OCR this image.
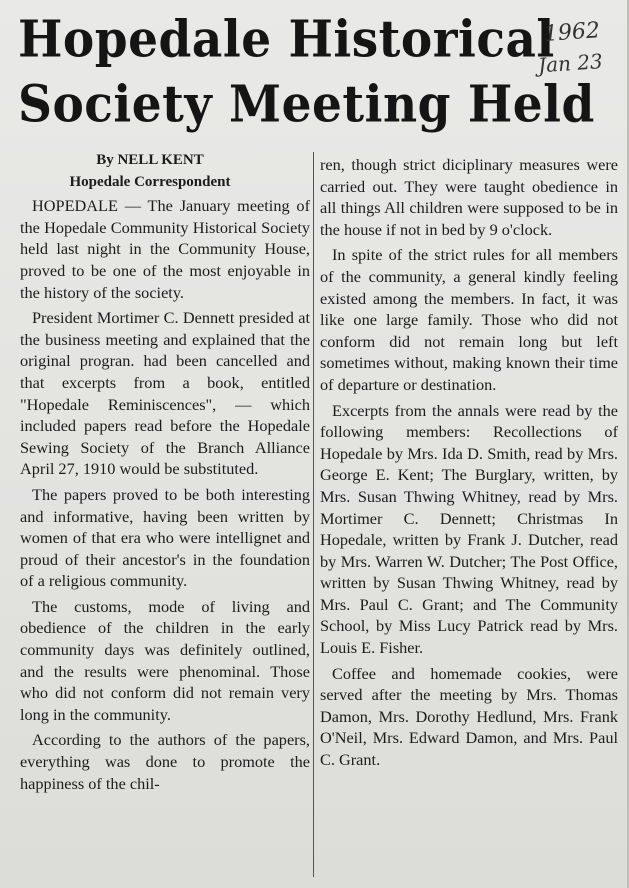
Hopedale Historical
Society Meeting Held
1962
Jan 23
By NELL KENT
Hopedale Correspondent

HOPEDALE — The January meeting of the Hopedale Community Historical Society held last night in the Community House, proved to be one of the most enjoyable in the history of the society.

President Mortimer C. Dennett presided at the business meeting and explained that the original progran. had been cancelled and that excerpts from a book, entitled "Hopedale Reminiscences", — which included papers read before the Hopedale Sewing Society of the Branch Alliance April 27, 1910 would be substituted.

The papers proved to be both interesting and informative, having been written by women of that era who were intellignet and proud of their ancestor's in the foundation of a religious community.

The customs, mode of living and obedience of the children in the early community days was definitely outlined, and the results were phenominal. Those who did not conform did not remain very long in the community.

According to the authors of the papers, everything was done to promote the happiness of the chil-

ren, though strict diciplinary measures were carried out. They were taught obedience in all things All children were supposed to be in the house if not in bed by 9 o'clock.

In spite of the strict rules for all members of the community, a general kindly feeling existed among the members. In fact, it was like one large family. Those who did not conform did not remain long but left sometimes without, making known their time of departure or destination.

Excerpts from the annals were read by the following members: Recollections of Hopedale by Mrs. Ida D. Smith, read by Mrs. George E. Kent; The Burglary, written, by Mrs. Susan Thwing Whitney, read by Mrs. Mortimer C. Dennett; Christmas In Hopedale, written by Frank J. Dutcher, read by Mrs. Warren W. Dutcher; The Post Office, written by Susan Thwing Whitney, read by Mrs. Paul C. Grant; and The Community School, by Miss Lucy Patrick read by Mrs. Louis E. Fisher.

Coffee and homemade cookies, were served after the meeting by Mrs. Thomas Damon, Mrs. Dorothy Hedlund, Mrs. Frank O'Neil, Mrs. Edward Damon, and Mrs. Paul C. Grant.
